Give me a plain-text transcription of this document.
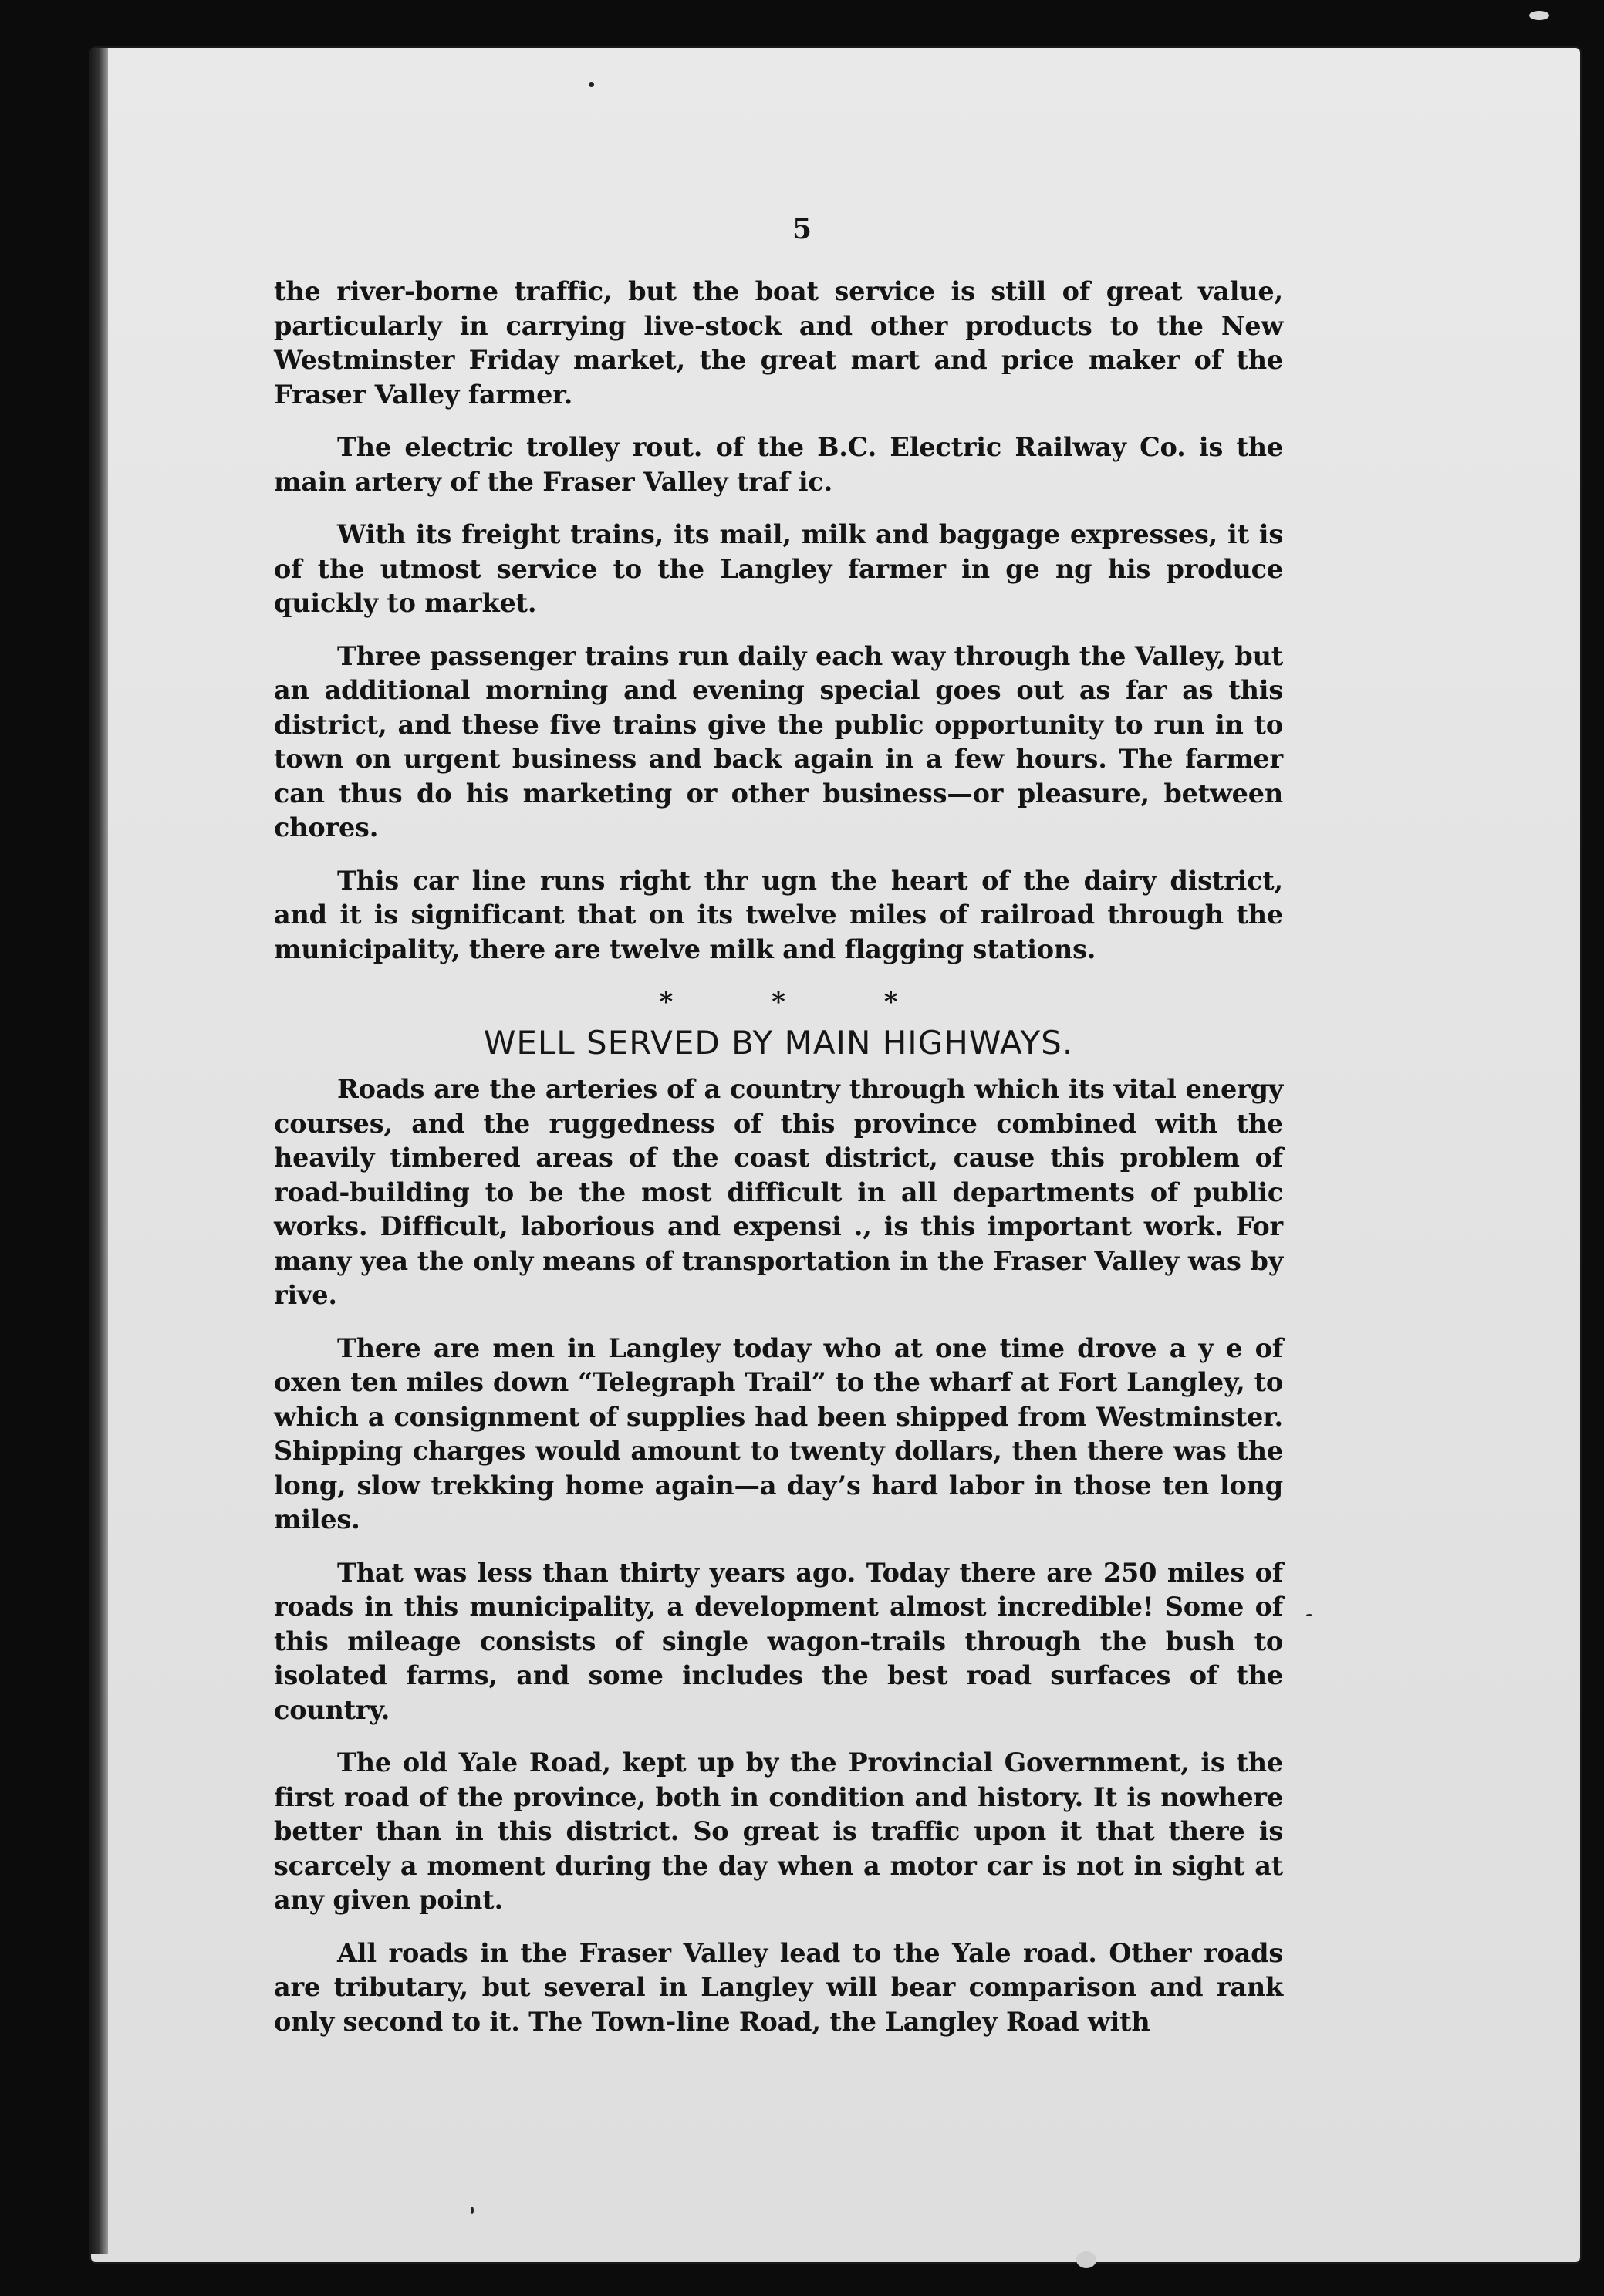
5

the river-borne traffic, but the boat service is still of great value, particularly in carrying live-stock and other products to the New Westminster Friday market, the great mart and price maker of the Fraser Valley farmer.

The electric trolley rout. of the B.C. Electric Railway Co. is the main artery of the Fraser Valley traf ic.

With its freight trains, its mail, milk and baggage expresses, it is of the utmost service to the Langley farmer in ge ng his produce quickly to market.

Three passenger trains run daily each way through the Valley, but an additional morning and evening special goes out as far as this district, and these five trains give the public opportunity to run in to town on urgent business and back again in a few hours. The farmer can thus do his marketing or other business—or pleasure, between chores.

This car line runs right thr ugn the heart of the dairy district, and it is significant that on its twelve miles of railroad through the municipality, there are twelve milk and flagging stations.

* * *
WELL SERVED BY MAIN HIGHWAYS.

Roads are the arteries of a country through which its vital energy courses, and the ruggedness of this province combined with the heavily timbered areas of the coast district, cause this problem of road-building to be the most difficult in all departments of public works. Difficult, laborious and expensi ., is this important work. For many yea the only means of transportation in the Fraser Valley was by rive.

There are men in Langley today who at one time drove a y e of oxen ten miles down “Telegraph Trail” to the wharf at Fort Langley, to which a consignment of supplies had been shipped from Westminster. Shipping charges would amount to twenty dollars, then there was the long, slow trekking home again—a day’s hard labor in those ten long miles.

That was less than thirty years ago. Today there are 250 miles of roads in this municipality, a development almost incredible! Some of this mileage consists of single wagon-trails through the bush to isolated farms, and some includes the best road surfaces of the country.

The old Yale Road, kept up by the Provincial Government, is the first road of the province, both in condition and history. It is nowhere better than in this district. So great is traffic upon it that there is scarcely a moment during the day when a motor car is not in sight at any given point.

All roads in the Fraser Valley lead to the Yale road. Other roads are tributary, but several in Langley will bear comparison and rank only second to it. The Town-line Road, the Langley Road with
